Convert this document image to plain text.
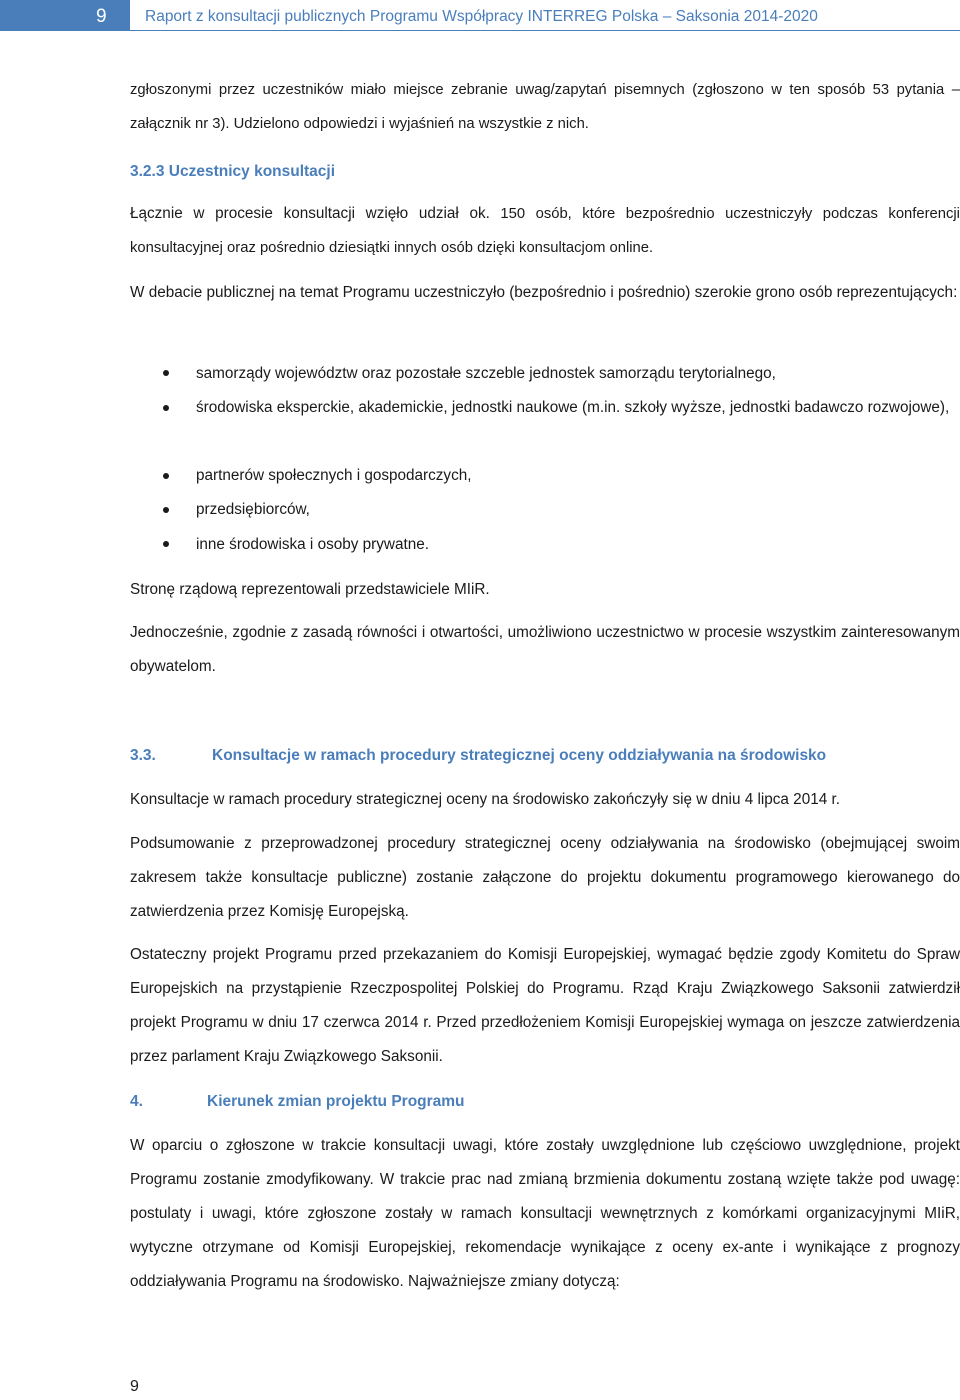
9	Raport z konsultacji publicznych Programu Współpracy INTERREG Polska – Saksonia 2014-2020

zgłoszonymi przez uczestników miało miejsce zebranie uwag/zapytań pisemnych (zgłoszono w ten sposób 53 pytania – załącznik nr 3). Udzielono odpowiedzi i wyjaśnień na wszystkie z nich.

3.2.3 Uczestnicy konsultacji

Łącznie w procesie konsultacji wzięło udział ok. 150 osób, które bezpośrednio uczestniczyły podczas konferencji konsultacyjnej oraz pośrednio dziesiątki innych osób dzięki konsultacjom online.

W debacie publicznej na temat Programu uczestniczyło (bezpośrednio i pośrednio) szerokie grono osób reprezentujących:

samorządy województw oraz pozostałe szczeble jednostek samorządu terytorialnego,
środowiska eksperckie, akademickie, jednostki naukowe (m.in. szkoły wyższe, jednostki badawczo rozwojowe),
partnerów społecznych i gospodarczych,
przedsiębiorców,
inne środowiska i osoby prywatne.

Stronę rządową reprezentowali przedstawiciele MIiR.

Jednocześnie, zgodnie z zasadą równości i otwartości, umożliwiono uczestnictwo w procesie wszystkim zainteresowanym obywatelom.

3.3.	Konsultacje w ramach procedury strategicznej oceny oddziaływania na środowisko

Konsultacje w ramach procedury strategicznej oceny na środowisko zakończyły się w dniu 4 lipca 2014 r.

Podsumowanie z przeprowadzonej procedury strategicznej oceny odziaływania na środowisko (obejmującej swoim zakresem także konsultacje publiczne) zostanie załączone do projektu dokumentu programowego kierowanego do zatwierdzenia przez Komisję Europejską.

Ostateczny projekt Programu przed przekazaniem do Komisji Europejskiej, wymagać będzie zgody Komitetu do Spraw Europejskich na przystąpienie Rzeczpospolitej Polskiej do Programu. Rząd Kraju Związkowego Saksonii zatwierdził projekt Programu w dniu 17 czerwca 2014 r. Przed przedłożeniem Komisji Europejskiej wymaga on jeszcze zatwierdzenia przez parlament Kraju Związkowego Saksonii.

4.	Kierunek zmian projektu Programu

W oparciu o zgłoszone w trakcie konsultacji uwagi, które zostały uwzględnione lub częściowo uwzględnione, projekt Programu zostanie zmodyfikowany. W trakcie prac nad zmianą brzmienia dokumentu zostaną wzięte także pod uwagę: postulaty i uwagi, które zgłoszone zostały w ramach konsultacji wewnętrznych z komórkami organizacyjnymi MIiR, wytyczne otrzymane od Komisji Europejskiej, rekomendacje wynikające z oceny ex-ante i wynikające z prognozy oddziaływania Programu na środowisko. Najważniejsze zmiany dotyczą:

9
